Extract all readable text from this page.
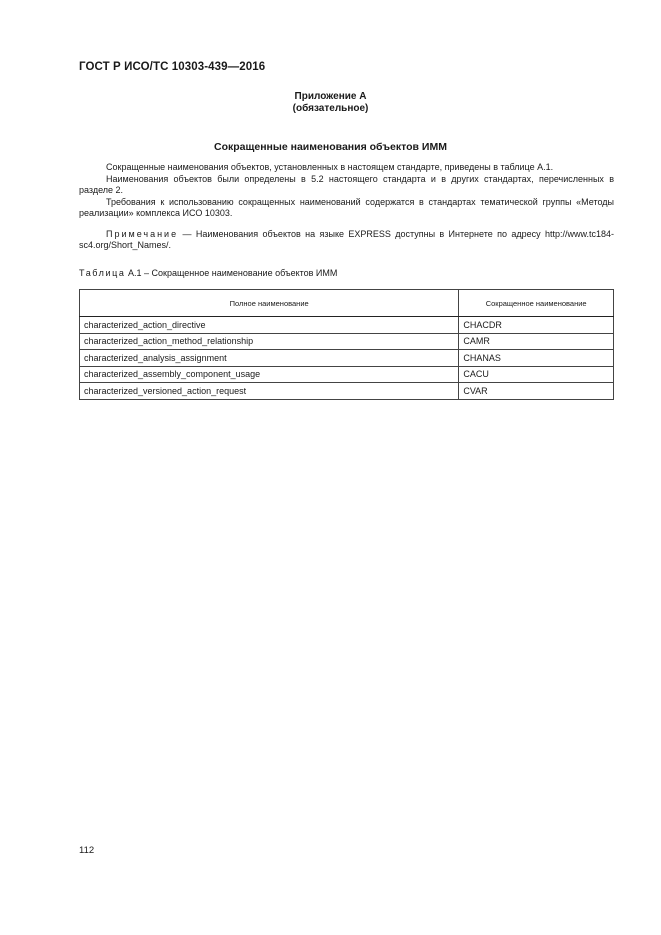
ГОСТ Р ИСО/ТС 10303-439—2016
Приложение А
(обязательное)
Сокращенные наименования объектов ИММ

Сокращенные наименования объектов, установленных в настоящем стандарте, приведены в таблице А.1.

Наименования объектов были определены в 5.2 настоящего стандарта и в других стандартах, перечисленных в разделе 2.

Требования к использованию сокращенных наименований содержатся в стандартах тематической группы «Методы реализации» комплекса ИСО 10303.

Примечание — Наименования объектов на языке EXPRESS доступны в Интернете по адресу http://www.tc184-sc4.org/Short_Names/.

Таблица А.1 – Сокращенное наименование объектов ИММ
Полное наименование	Сокращенное наименование
characterized_action_directive	CHACDR
characterized_action_method_relationship	CAMR
characterized_analysis_assignment	CHANAS
characterized_assembly_component_usage	CACU
characterized_versioned_action_request	CVAR
112
